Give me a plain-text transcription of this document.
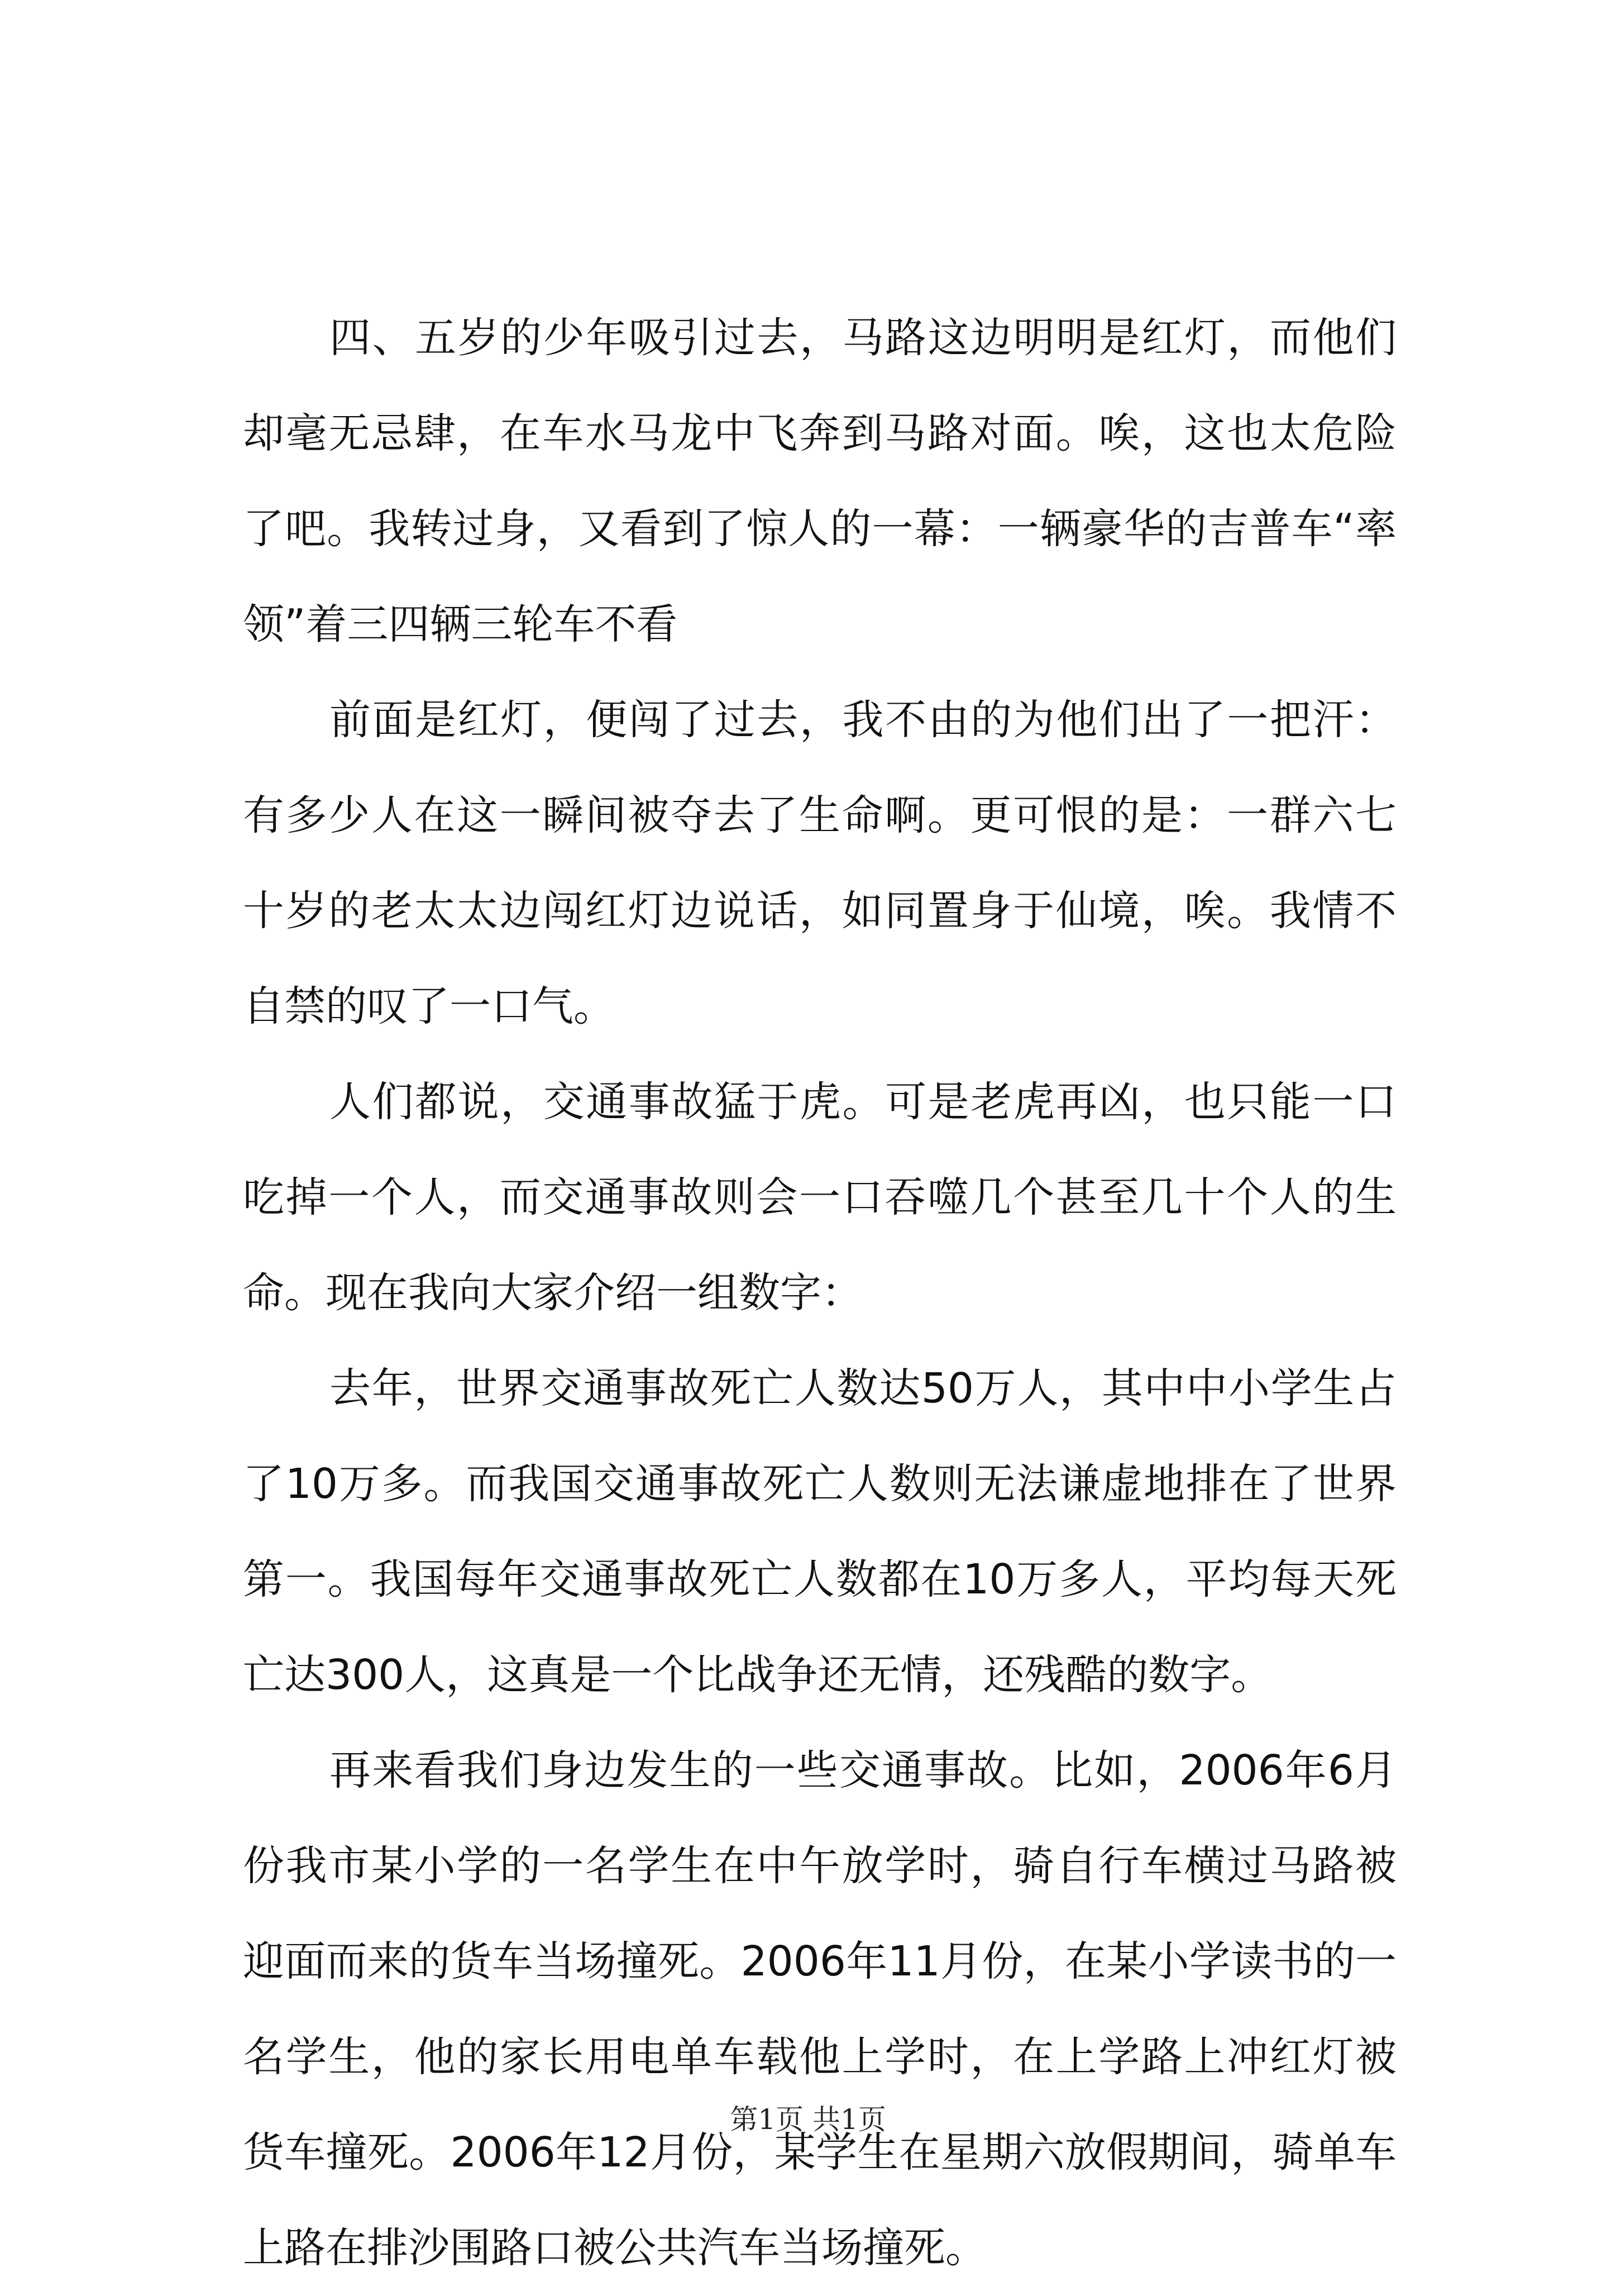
四、五岁的少年吸引过去，马路这边明明是红灯，而他们却毫无忌肆，在车水马龙中飞奔到马路对面。唉，这也太危险了吧。我转过身，又看到了惊人的一幕：一辆豪华的吉普车“率领”着三四辆三轮车不看

前面是红灯，便闯了过去，我不由的为他们出了一把汗：有多少人在这一瞬间被夺去了生命啊。更可恨的是：一群六七十岁的老太太边闯红灯边说话，如同置身于仙境，唉。我情不自禁的叹了一口气。

人们都说，交通事故猛于虎。可是老虎再凶，也只能一口吃掉一个人，而交通事故则会一口吞噬几个甚至几十个人的生命。现在我向大家介绍一组数字：

去年，世界交通事故死亡人数达50万人，其中中小学生占了10万多。而我国交通事故死亡人数则无法谦虚地排在了世界第一。我国每年交通事故死亡人数都在10万多人，平均每天死亡达300人，这真是一个比战争还无情，还残酷的数字。

再来看我们身边发生的一些交通事故。比如，2006年6月份我市某小学的一名学生在中午放学时，骑自行车横过马路被迎面而来的货车当场撞死。2006年11月份，在某小学读书的一名学生，他的家长用电单车载他上学时，在上学路上冲红灯被货车撞死。2006年12月份，某学生在星期六放假期间，骑单车上路在排沙围路口被公共汽车当场撞死。

第1页 共1页
